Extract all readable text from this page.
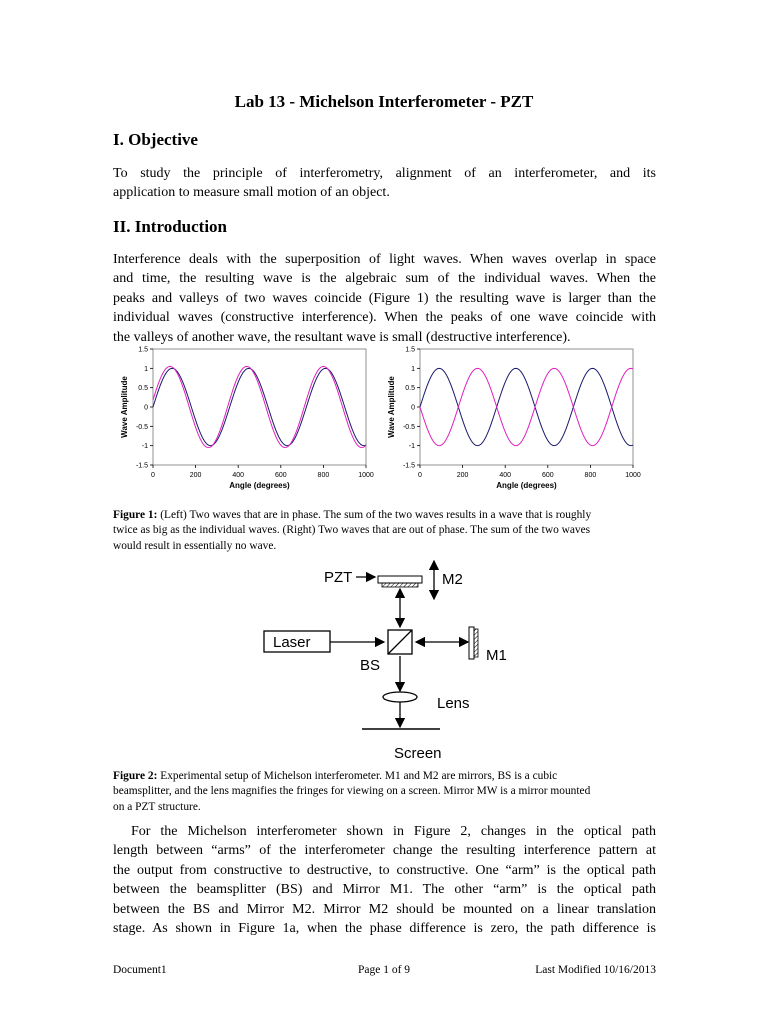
Lab 13 - Michelson Interferometer - PZT
I. Objective
To study the principle of interferometry, alignment of an interferometer, and its
application to measure small motion of an object.
II. Introduction
Interference deals with the superposition of light waves. When waves overlap in space
and time, the resulting wave is the algebraic sum of the individual waves. When the
peaks and valleys of two waves coincide (Figure 1) the resulting wave is larger than the
individual waves (constructive interference). When the peaks of one wave coincide with
the valleys of another wave, the resultant wave is small (destructive interference).
1.5
1
0.5
0
-0.5
-1
-1.5
0	200	400	600	800	1000
Angle (degrees)
Wave Amplitude
1.5
1
0.5
0
-0.5
-1
-1.5
0	200	400	600	800	1000
Angle (degrees)
Wave Amplitude
Figure 1: (Left) Two waves that are in phase. The sum of the two waves results in a wave that is roughly
twice as big as the individual waves. (Right) Two waves that are out of phase. The sum of the two waves
would result in essentially no wave.
PZT	M2
Laser
BS
M1
Lens
Screen
Figure 2: Experimental setup of Michelson interferometer. M1 and M2 are mirrors, BS is a cubic
beamsplitter, and the lens magnifies the fringes for viewing on a screen. Mirror MW is a mirror mounted
on a PZT structure.
For the Michelson interferometer shown in Figure 2, changes in the optical path
length between “arms” of the interferometer change the resulting interference pattern at
the output from constructive to destructive, to constructive. One “arm” is the optical path
between the beamsplitter (BS) and Mirror M1. The other “arm” is the optical path
between the BS and Mirror M2. Mirror M2 should be mounted on a linear translation
stage. As shown in Figure 1a, when the phase difference is zero, the path difference is
Document1	Page 1 of 9	Last Modified 10/16/2013
